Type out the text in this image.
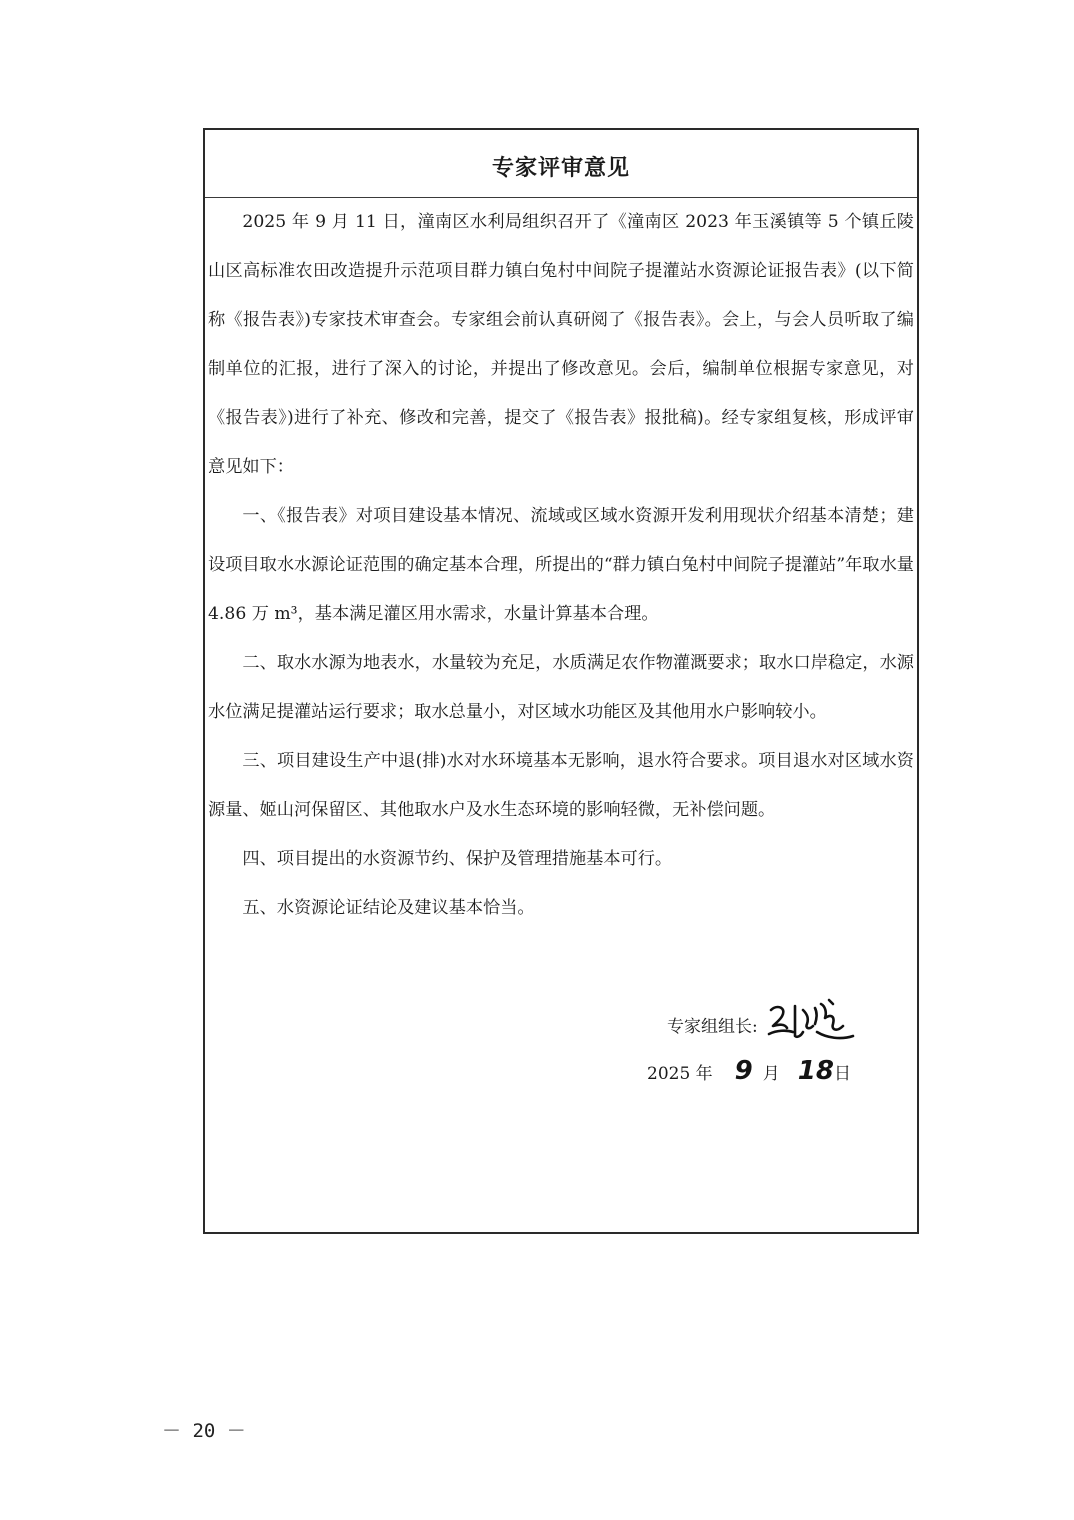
专家评审意见

2025 年 9 月 11 日，潼南区水利局组织召开了《潼南区 2023 年玉溪镇等 5 个镇丘陵山区高标准农田改造提升示范项目群力镇白兔村中间院子提灌站水资源论证报告表》(以下简称《报告表》)专家技术审查会。专家组会前认真研阅了《报告表》。会上，与会人员听取了编制单位的汇报，进行了深入的讨论，并提出了修改意见。会后，编制单位根据专家意见，对《报告表》)进行了补充、修改和完善，提交了《报告表》报批稿)。经专家组复核，形成评审意见如下：

一、《报告表》对项目建设基本情况、流域或区域水资源开发利用现状介绍基本清楚；建设项目取水水源论证范围的确定基本合理，所提出的“群力镇白兔村中间院子提灌站”年取水量 4.86 万 m³，基本满足灌区用水需求，水量计算基本合理。

二、取水水源为地表水，水量较为充足，水质满足农作物灌溉要求；取水口岸稳定，水源水位满足提灌站运行要求；取水总量小，对区域水功能区及其他用水户影响较小。

三、项目建设生产中退(排)水对水环境基本无影响，退水符合要求。项目退水对区域水资源量、姬山河保留区、其他取水户及水生态环境的影响轻微，无补偿问题。

四、项目提出的水资源节约、保护及管理措施基本可行。

五、水资源论证结论及建议基本恰当。

专家组组长:
2025 年 9 月 18 日
－ 20 －
